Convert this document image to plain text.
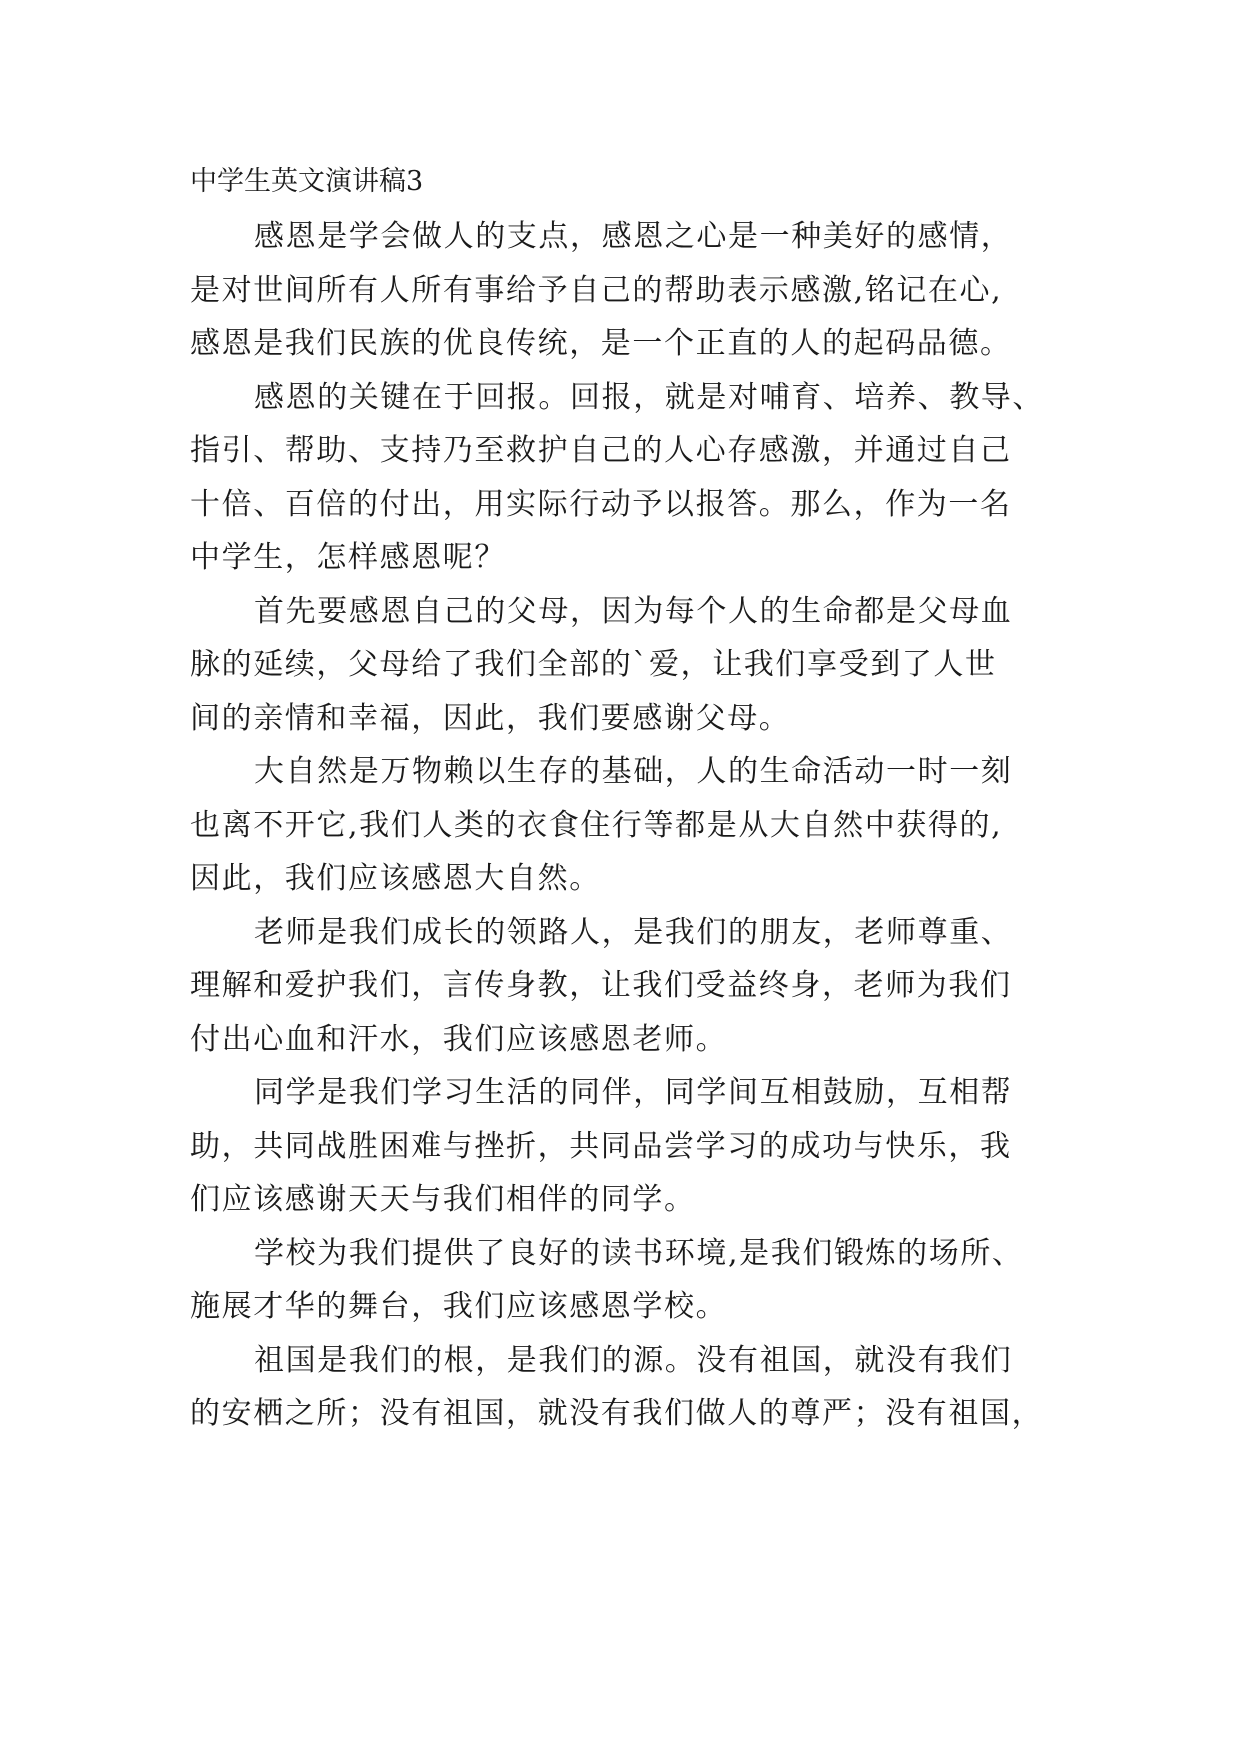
中学生英文演讲稿3
感恩是学会做人的支点，感恩之心是一种美好的感情，
是对世间所有人所有事给予自己的帮助表示感激,铭记在心,
感恩是我们民族的优良传统，是一个正直的人的起码品德。
感恩的关键在于回报。回报，就是对哺育、培养、教导、
指引、帮助、支持乃至救护自己的人心存感激，并通过自己
十倍、百倍的付出，用实际行动予以报答。那么，作为一名
中学生，怎样感恩呢？
首先要感恩自己的父母，因为每个人的生命都是父母血
脉的延续，父母给了我们全部的`爱，让我们享受到了人世
间的亲情和幸福，因此，我们要感谢父母。
大自然是万物赖以生存的基础，人的生命活动一时一刻
也离不开它,我们人类的衣食住行等都是从大自然中获得的,
因此，我们应该感恩大自然。
老师是我们成长的领路人，是我们的朋友，老师尊重、
理解和爱护我们，言传身教，让我们受益终身，老师为我们
付出心血和汗水，我们应该感恩老师。
同学是我们学习生活的同伴，同学间互相鼓励，互相帮
助，共同战胜困难与挫折，共同品尝学习的成功与快乐，我
们应该感谢天天与我们相伴的同学。
学校为我们提供了良好的读书环境,是我们锻炼的场所、
施展才华的舞台，我们应该感恩学校。
祖国是我们的根，是我们的源。没有祖国，就没有我们
的安栖之所；没有祖国，就没有我们做人的尊严；没有祖国，
